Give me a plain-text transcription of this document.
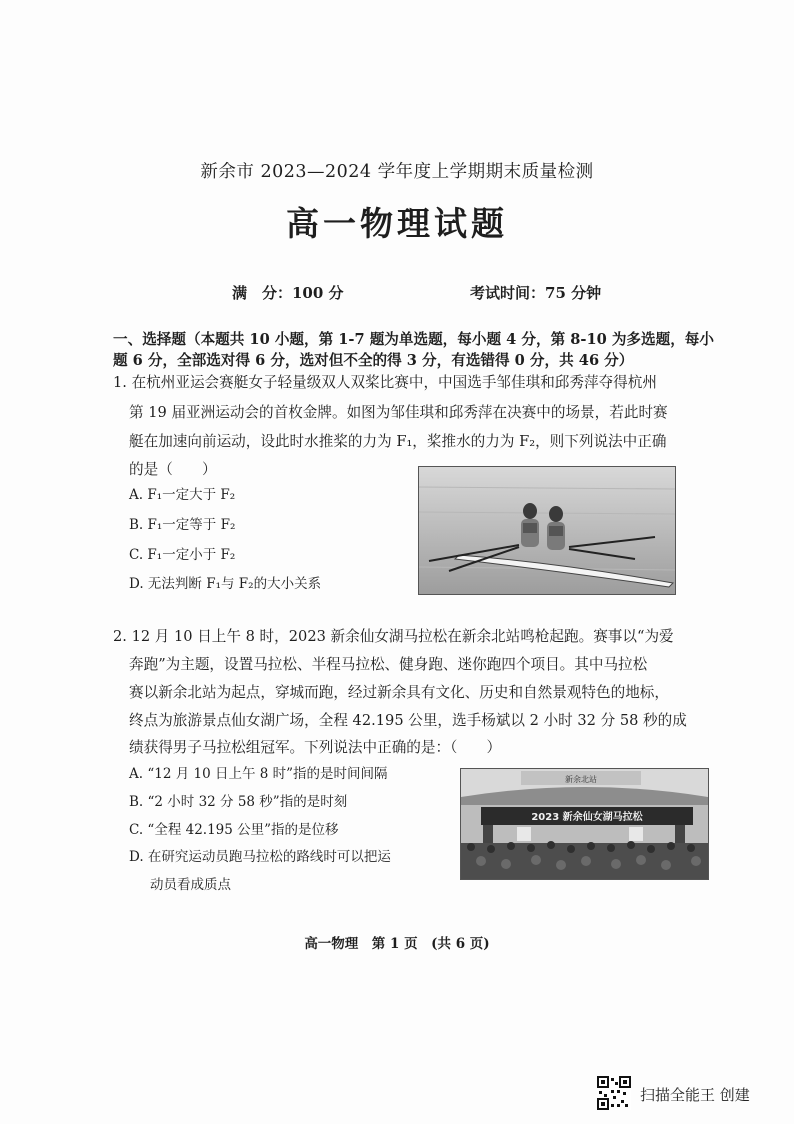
新余市 2023—2024 学年度上学期期末质量检测
高一物理试题
满　分：100 分	考试时间：75 分钟
一、选择题（本题共 10 小题，第 1-7 题为单选题，每小题 4 分，第 8-10 为多选题，每小
题 6 分，全部选对得 6 分，选对但不全的得 3 分，有选错得 0 分，共 46 分）
1. 在杭州亚运会赛艇女子轻量级双人双桨比赛中，中国选手邹佳琪和邱秀萍夺得杭州
第 19 届亚洲运动会的首枚金牌。如图为邹佳琪和邱秀萍在决赛中的场景，若此时赛
艇在加速向前运动，设此时水推桨的力为 F₁，桨推水的力为 F₂，则下列说法中正确
的是（　　）
A. F₁一定大于 F₂
B. F₁一定等于 F₂
C. F₁一定小于 F₂
D. 无法判断 F₁与 F₂的大小关系
2. 12 月 10 日上午 8 时，2023 新余仙女湖马拉松在新余北站鸣枪起跑。赛事以“为爱
奔跑”为主题，设置马拉松、半程马拉松、健身跑、迷你跑四个项目。其中马拉松
赛以新余北站为起点，穿城而跑，经过新余具有文化、历史和自然景观特色的地标，
终点为旅游景点仙女湖广场，全程 42.195 公里，选手杨斌以 2 小时 32 分 58 秒的成
绩获得男子马拉松组冠军。下列说法中正确的是：（　　）
A. “12 月 10 日上午 8 时”指的是时间间隔
B. “2 小时 32 分 58 秒”指的是时刻
C. “全程 42.195 公里”指的是位移
D. 在研究运动员跑马拉松的路线时可以把运
动员看成质点
新余北站
2023 新余仙女湖马拉松
高一物理　第 1 页　(共 6 页)
扫描全能王 创建
